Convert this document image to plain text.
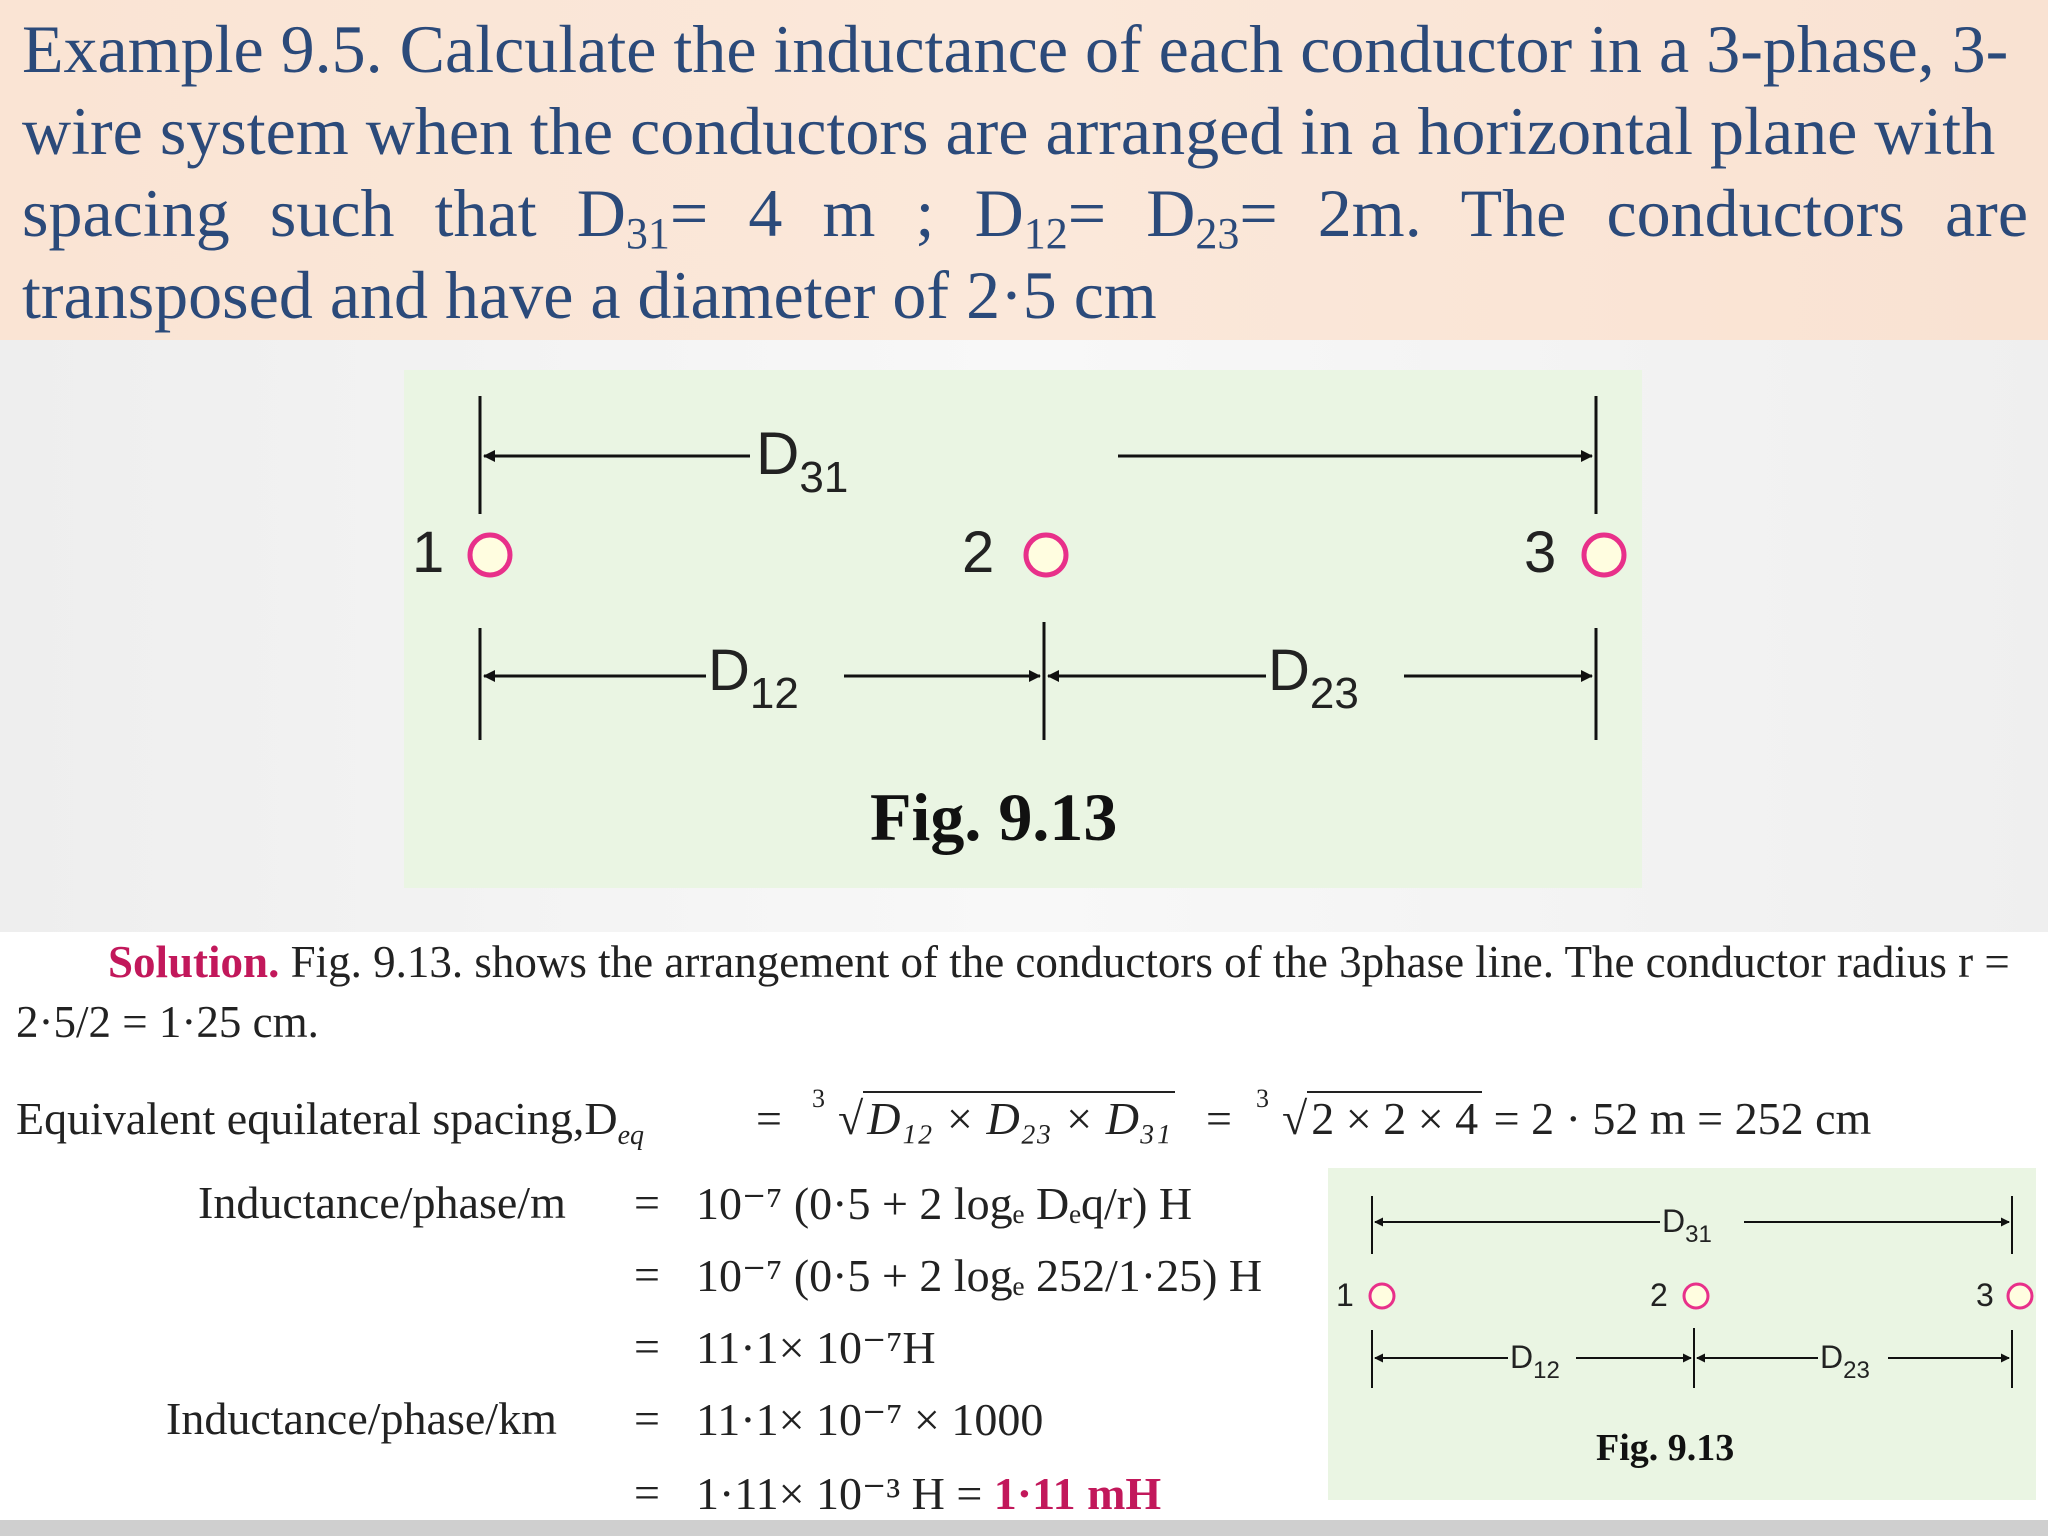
Example 9.5. Calculate the inductance of each conductor in a 3-phase, 3-
wire system when the conductors are arranged in a horizontal plane with
spacing such that $D_{31}= 4$ m ; $D_{12}= D_{23}= 2m$. The conductors are
transposed and have a diameter of 2·5 cm
$D_{31}$
1	2	3
$D_{12}$	$D_{23}$
Fig. 9.13

Solution. Fig. 9.13. shows the arrangement of the conductors of the 3phase line. The conductor radius r = 2·5/2 = 1·25 cm.

Equivalent equilateral $spacing,D_{eq} = 3$ √D₁₂ × D₂₃ × D₃₁ = 3 √2 × 2 × 4 = 2 · 52 m = 252 cm
Inductance/phase/m = 10⁻⁷ (0·5 + 2 logₑ Dₑq/r) H
= 10⁻⁷ (0·5 + 2 logₑ 252/1·25) H
= 11·1× 10⁻⁷H
Inductance/phase/km = 11·1× 10⁻⁷ × 1000
= 1·11× 10⁻³ H = 1·11 mH
$D_{31}$
1	2	3
$D_{12}$	$D_{23}$
Fig. 9.13
